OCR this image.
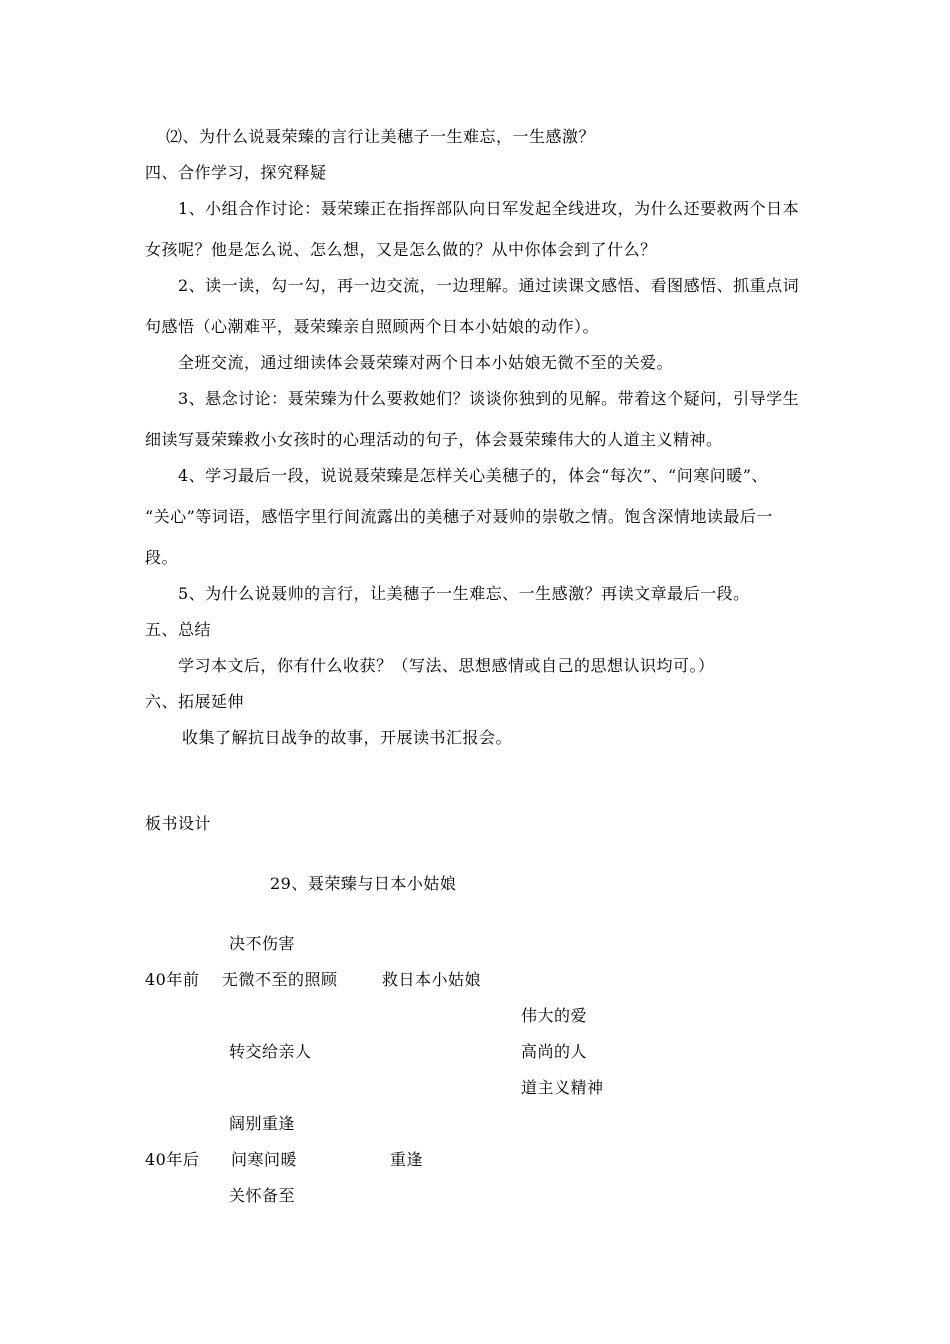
⑵、为什么说聂荣臻的言行让美穗子一生难忘，一生感激？
四、合作学习，探究释疑
1、小组合作讨论：聂荣臻正在指挥部队向日军发起全线进攻，为什么还要救两个日本
女孩呢？他是怎么说、怎么想，又是怎么做的？从中你体会到了什么？
2、读一读，勾一勾，再一边交流，一边理解。通过读课文感悟、看图感悟、抓重点词
句感悟（心潮难平，聂荣臻亲自照顾两个日本小姑娘的动作）。
全班交流，通过细读体会聂荣臻对两个日本小姑娘无微不至的关爱。
3、悬念讨论：聂荣臻为什么要救她们？谈谈你独到的见解。带着这个疑问，引导学生
细读写聂荣臻救小女孩时的心理活动的句子，体会聂荣臻伟大的人道主义精神。
4、学习最后一段，说说聂荣臻是怎样关心美穗子的，体会“每次”、“问寒问暖”、
“关心”等词语，感悟字里行间流露出的美穗子对聂帅的崇敬之情。饱含深情地读最后一
段。
5、为什么说聂帅的言行，让美穗子一生难忘、一生感激？再读文章最后一段。
五、总结
学习本文后，你有什么收获？（写法、思想感情或自己的思想认识均可。）
六、拓展延伸
收集了解抗日战争的故事，开展读书汇报会。
板书设计
29、聂荣臻与日本小姑娘
决不伤害
40年前 无微不至的照顾	救日本小姑娘
伟大的爱
转交给亲人	高尚的人
道主义精神
阔别重逢
40年后 问寒问暖	重逢
关怀备至
